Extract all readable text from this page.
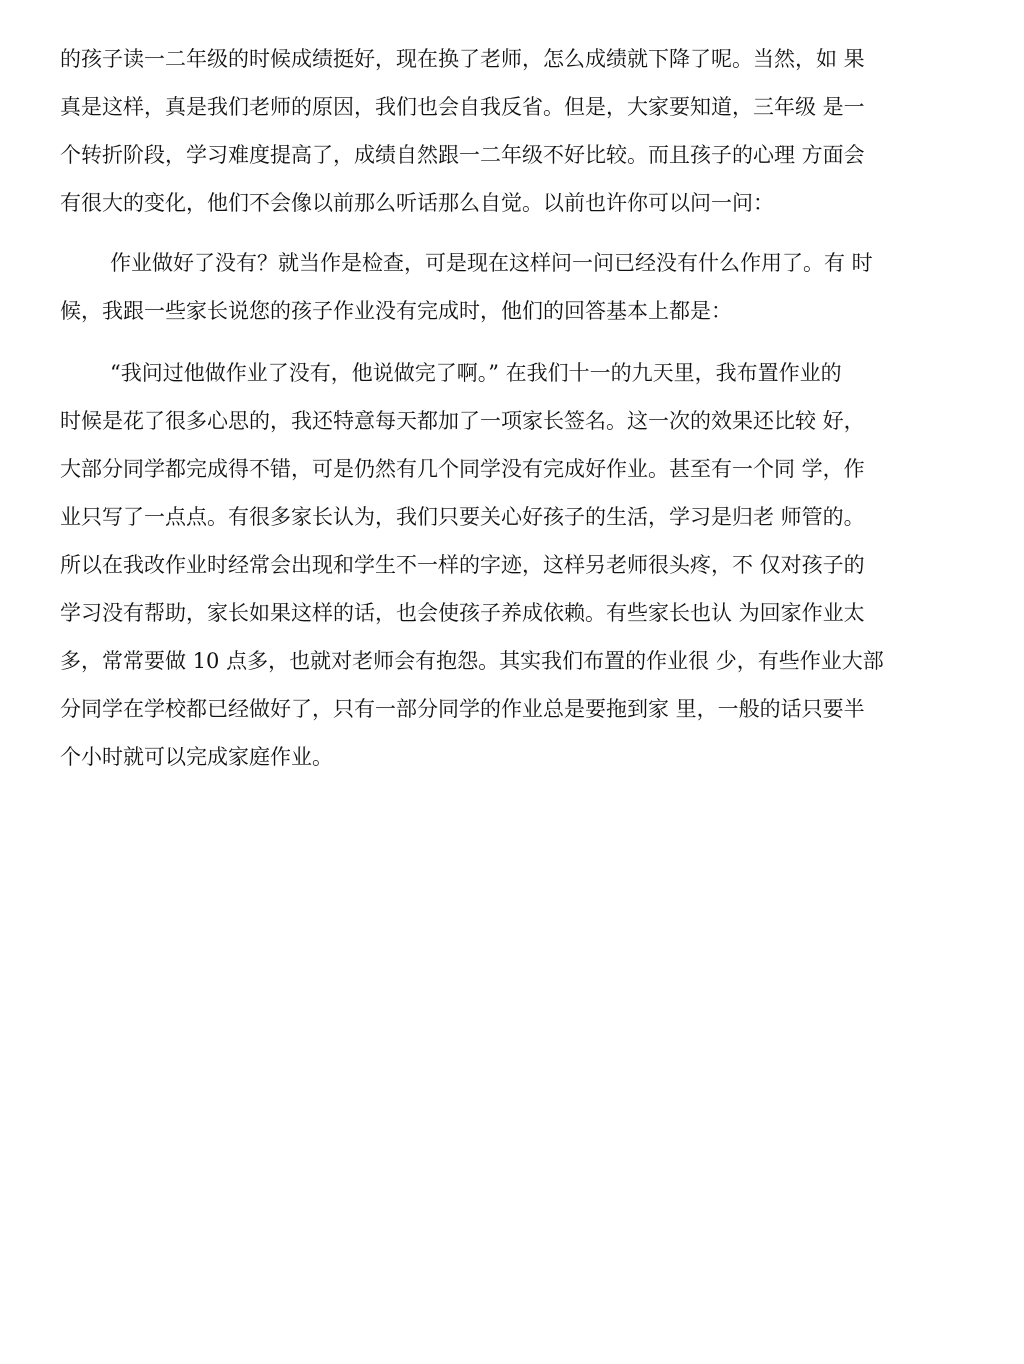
的孩子读一二年级的时候成绩挺好，现在换了老师，怎么成绩就下降了呢。当然，如 果
真是这样，真是我们老师的原因，我们也会自我反省。但是，大家要知道，三年级 是一
个转折阶段，学习难度提高了，成绩自然跟一二年级不好比较。而且孩子的心理 方面会
有很大的变化，他们不会像以前那么听话那么自觉。以前也许你可以问一问：
作业做好了没有？就当作是检查，可是现在这样问一问已经没有什么作用了。有 时
候，我跟一些家长说您的孩子作业没有完成时，他们的回答基本上都是：
“我问过他做作业了没有，他说做完了啊。” 在我们十一的九天里，我布置作业的
时候是花了很多心思的，我还特意每天都加了一项家长签名。这一次的效果还比较 好，
大部分同学都完成得不错，可是仍然有几个同学没有完成好作业。甚至有一个同 学，作
业只写了一点点。有很多家长认为，我们只要关心好孩子的生活，学习是归老 师管的。
所以在我改作业时经常会出现和学生不一样的字迹，这样另老师很头疼，不 仅对孩子的
学习没有帮助，家长如果这样的话，也会使孩子养成依赖。有些家长也认 为回家作业太
多，常常要做 10 点多，也就对老师会有抱怨。其实我们布置的作业很 少，有些作业大部
分同学在学校都已经做好了，只有一部分同学的作业总是要拖到家 里，一般的话只要半
个小时就可以完成家庭作业。
